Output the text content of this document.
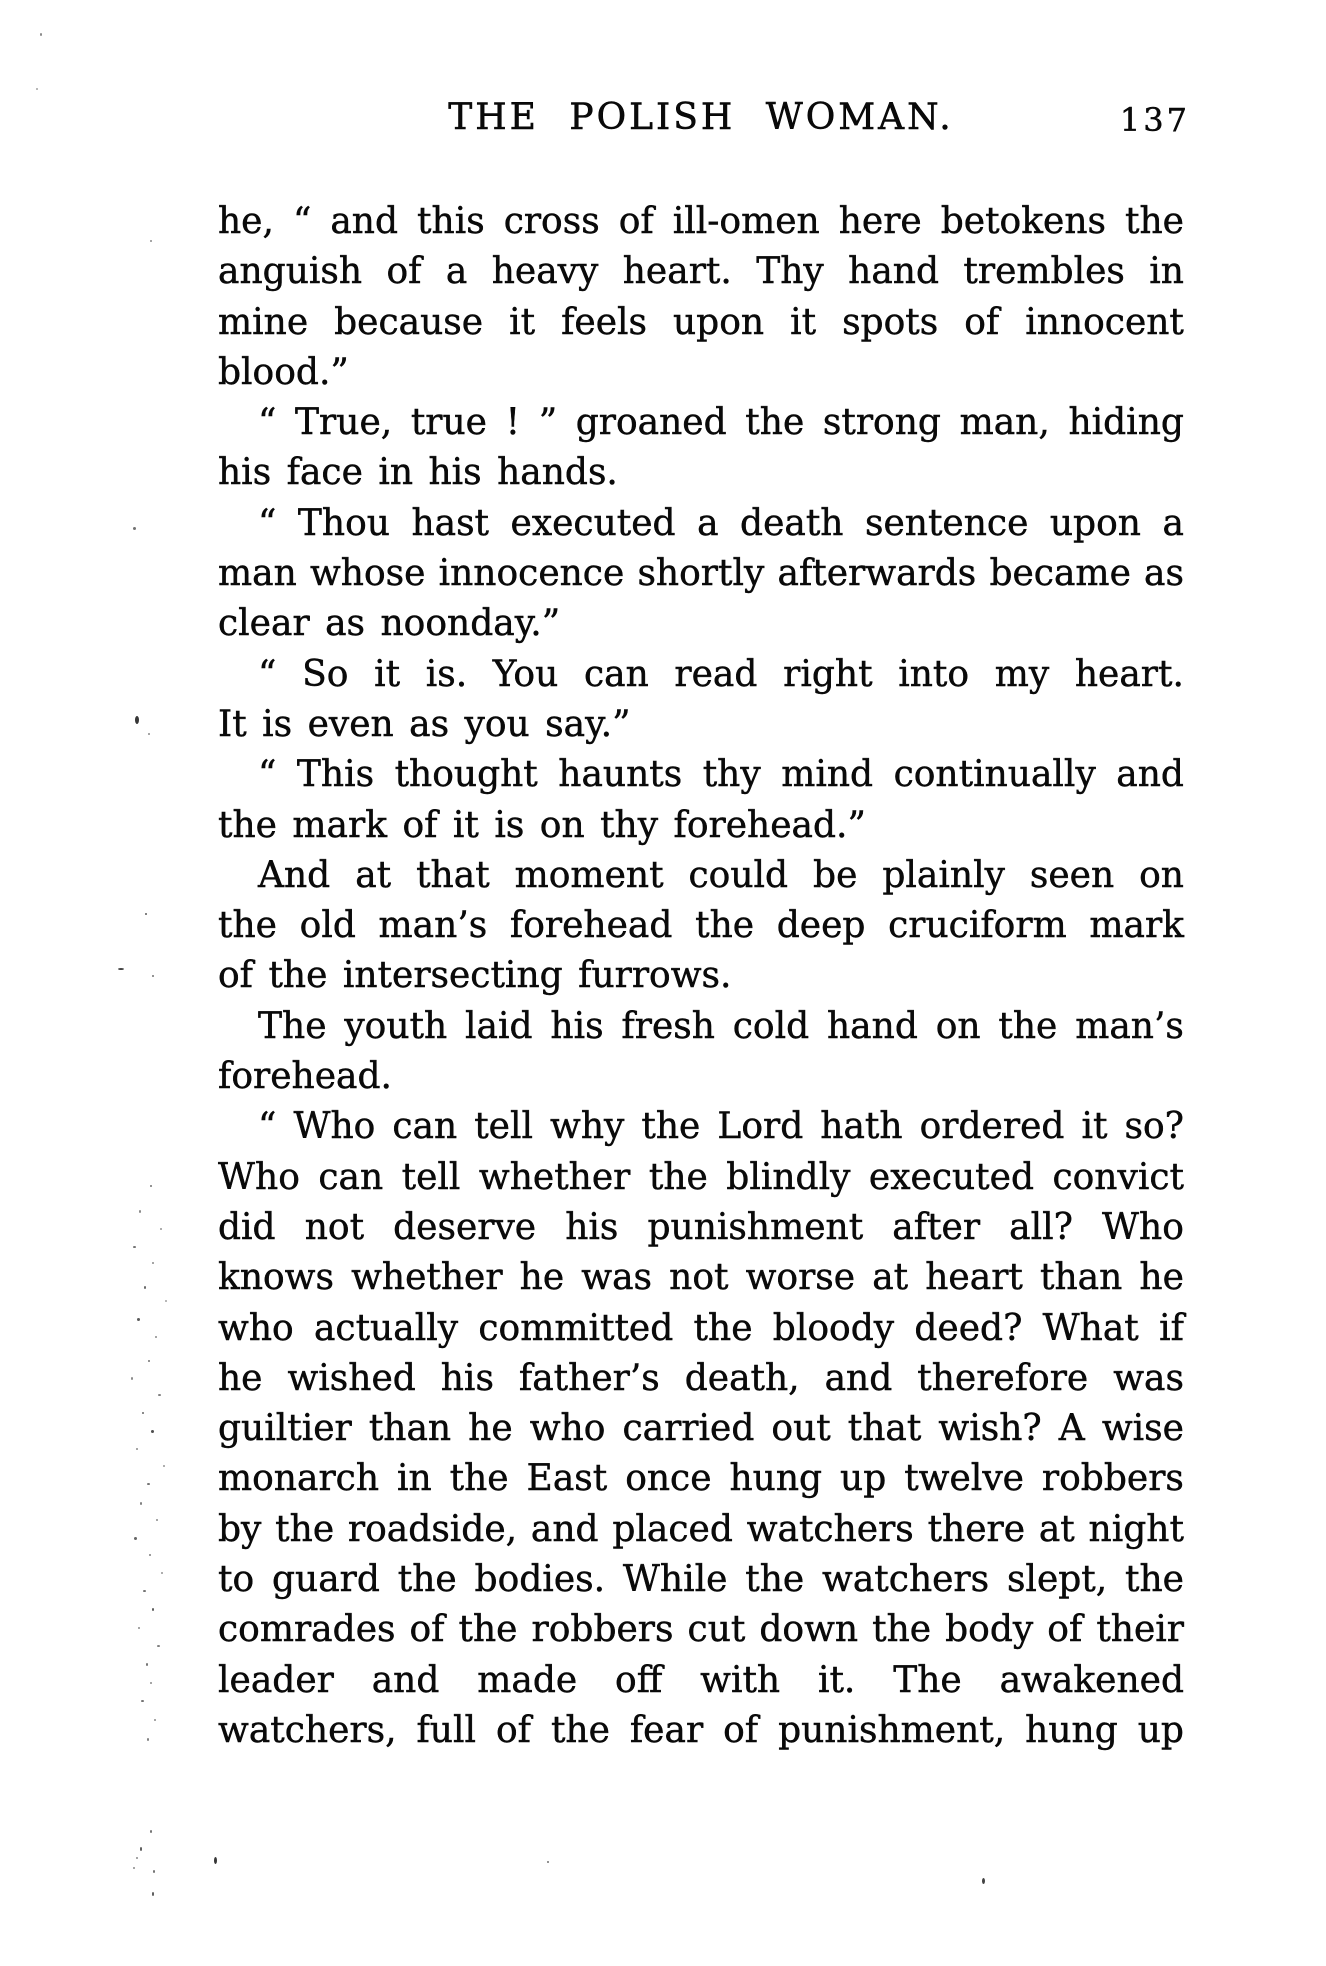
THE POLISH WOMAN.	137
he, “ and this cross of ill-omen here betokens the
anguish of a heavy heart. Thy hand trembles in
mine because it feels upon it spots of innocent
blood.”
“ True, true ! ” groaned the strong man, hiding
his face in his hands.
“ Thou hast executed a death sentence upon a
man whose innocence shortly afterwards became as
clear as noonday.”
“ So it is. You can read right into my heart.
It is even as you say.”
“ This thought haunts thy mind continually and
the mark of it is on thy forehead.”
And at that moment could be plainly seen on
the old man’s forehead the deep cruciform mark
of the intersecting furrows.
The youth laid his fresh cold hand on the man’s
forehead.
“ Who can tell why the Lord hath ordered it so?
Who can tell whether the blindly executed convict
did not deserve his punishment after all? Who
knows whether he was not worse at heart than he
who actually committed the bloody deed? What if
he wished his father’s death, and therefore was
guiltier than he who carried out that wish? A wise
monarch in the East once hung up twelve robbers
by the roadside, and placed watchers there at night
to guard the bodies. While the watchers slept, the
comrades of the robbers cut down the body of their
leader and made off with it. The awakened
watchers, full of the fear of punishment, hung up
